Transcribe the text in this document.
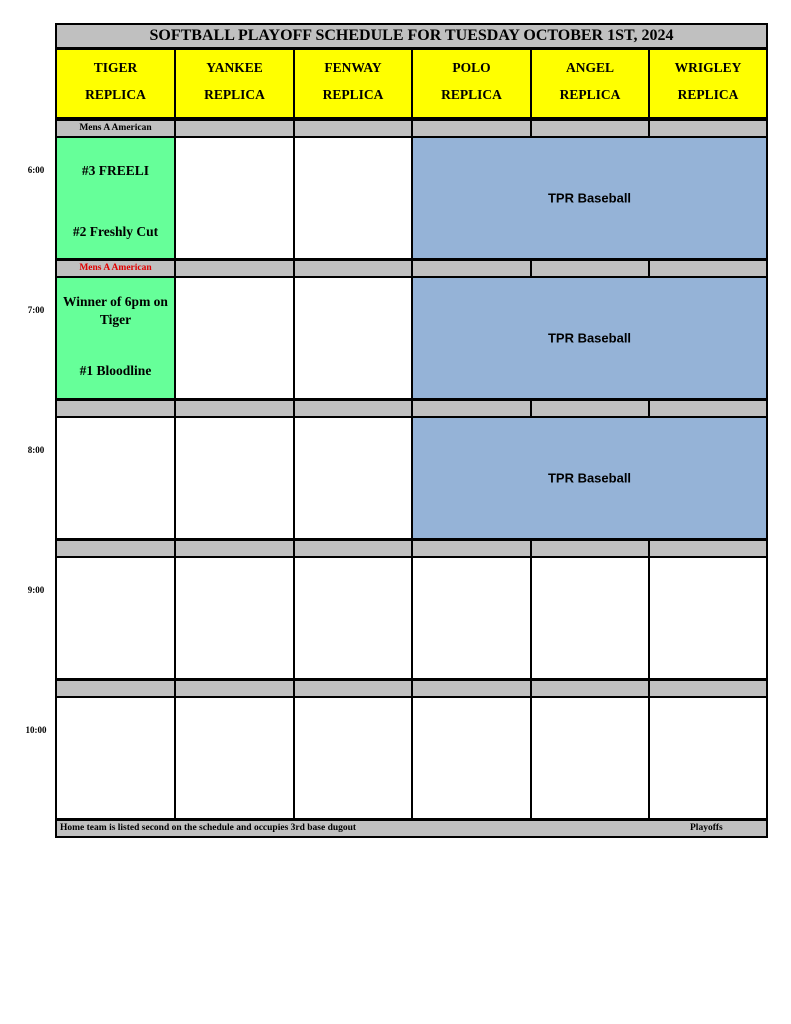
SOFTBALL PLAYOFF SCHEDULE FOR TUESDAY OCTOBER 1ST, 2024
TIGER
REPLICA
YANKEE
REPLICA
FENWAY
REPLICA
POLO
REPLICA
ANGEL
REPLICA
WRIGLEY
REPLICA
Mens A American
6:00	#3 FREELI
#2 Freshly Cut
TPR Baseball
Mens A American
7:00
Winner of 6pm on Tiger
#1 Bloodline
TPR Baseball
8:00
TPR Baseball
9:00
10:00
Home team is listed second on the schedule and occupies 3rd base dugout	Playoffs
